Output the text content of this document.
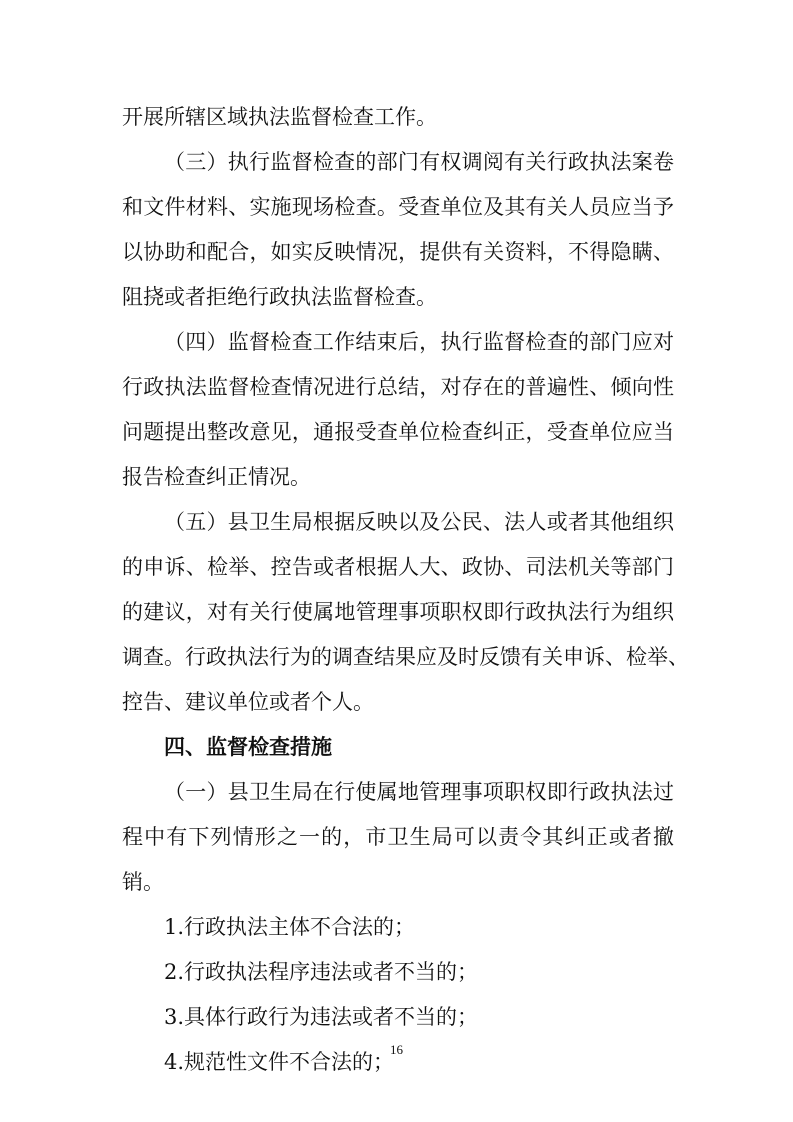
开展所辖区域执法监督检查工作。
（三）执行监督检查的部门有权调阅有关行政执法案卷
和文件材料、实施现场检查。受查单位及其有关人员应当予
以协助和配合，如实反映情况，提供有关资料，不得隐瞒、
阻挠或者拒绝行政执法监督检查。
（四）监督检查工作结束后，执行监督检查的部门应对
行政执法监督检查情况进行总结，对存在的普遍性、倾向性
问题提出整改意见，通报受查单位检查纠正，受查单位应当
报告检查纠正情况。
（五）县卫生局根据反映以及公民、法人或者其他组织
的申诉、检举、控告或者根据人大、政协、司法机关等部门
的建议，对有关行使属地管理事项职权即行政执法行为组织
调查。行政执法行为的调查结果应及时反馈有关申诉、检举、
控告、建议单位或者个人。
四、监督检查措施
（一）县卫生局在行使属地管理事项职权即行政执法过
程中有下列情形之一的，市卫生局可以责令其纠正或者撤
销。
1.行政执法主体不合法的；
2.行政执法程序违法或者不当的；
3.具体行政行为违法或者不当的；
4.规范性文件不合法的；
16
